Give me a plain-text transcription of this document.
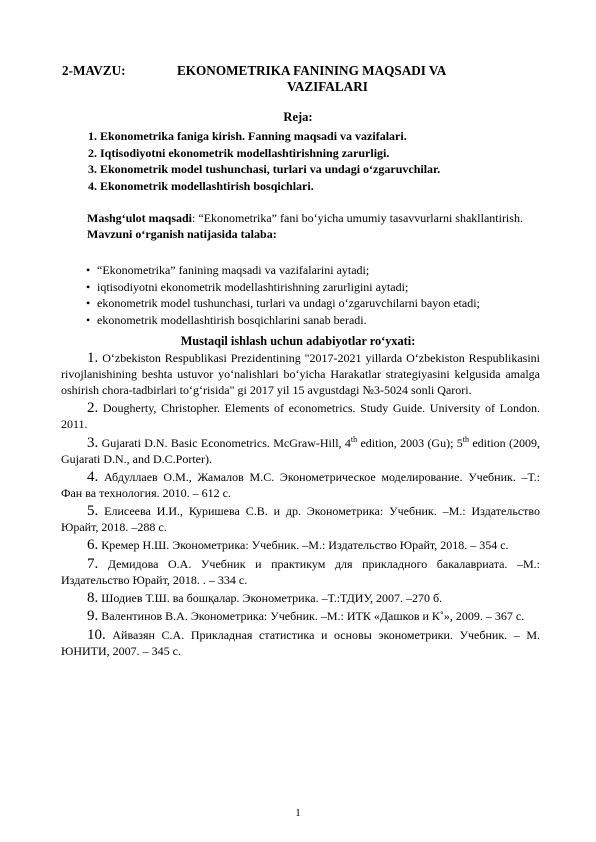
2-MAVZU:	EKONOMETRIKA FANINING MAQSADI VA
VAZIFALARI
Reja:
1. Ekonometrika faniga kirish. Fanning maqsadi va vazifalari.
2. Iqtisodiyotni ekonometrik modellashtirishning zarurligi.
3. Ekonometrik model tushunchasi, turlari va undagi o‘zgaruvchilar.
4. Ekonometrik modellashtirish bosqichlari.
Mashg‘ulot maqsadi: “Ekonometrika” fani bo‘yicha umumiy tasavvurlarni shakllantirish.
Mavzuni o‘rganish natijasida talaba:
• “Ekonometrika” fanining maqsadi va vazifalarini aytadi;
• iqtisodiyotni ekonometrik modellashtirishning zarurligini aytadi;
• ekonometrik model tushunchasi, turlari va undagi o‘zgaruvchilarni bayon etadi;
• ekonometrik modellashtirish bosqichlarini sanab beradi.
Mustaqil ishlash uchun adabiyotlar ro‘yxati:
1. O‘zbekiston Respublikasi Prezidentining "2017-2021 yillarda O‘zbekiston Respublikasini rivojlanishining beshta ustuvor yo‘nalishlari bo‘yicha Harakatlar strategiyasini kelgusida amalga oshirish chora-tadbirlari to‘g‘risida" gi 2017 yil 15 avgustdagi №3-5024 sonli Qarori.
2. Dougherty, Christopher. Elements of econometrics. Study Guide. University of London. 2011.
3. Gujarati D.N. Basic Econometrics. McGraw-Hill, 4th edition, 2003 (Gu); 5th edition (2009, Gujarati D.N., and D.C.Porter).
4. Абдуллаев О.М., Жамалов М.С. Эконометрическое моделирование. Учебник. –Т.: Фан ва технология. 2010. – 612 с.
5. Елисеева И.И., Куришева С.В. и др. Эконометрика: Учебник. –М.: Издательство Юрайт, 2018. –288 с.
6. Кремер Н.Ш. Эконометрика: Учебник. –М.: Издательство Юрайт, 2018. – 354 с.
7. Демидова О.А. Учебник и практикум для прикладного бакалавриата. –М.: Издательство Юрайт, 2018. . – 334 с.
8. Шодиев Т.Ш. ва бошқалар. Эконометрика. –Т.:ТДИУ, 2007. –270 б.
9. Валентинов В.А. Эконометрика: Учебник. –М.: ИТК «Дашков и К˚», 2009. – 367 с.
10. Айвазян С.А. Прикладная статистика и основы эконометрики. Учебник. – М. ЮНИТИ, 2007. – 345 с.
1
